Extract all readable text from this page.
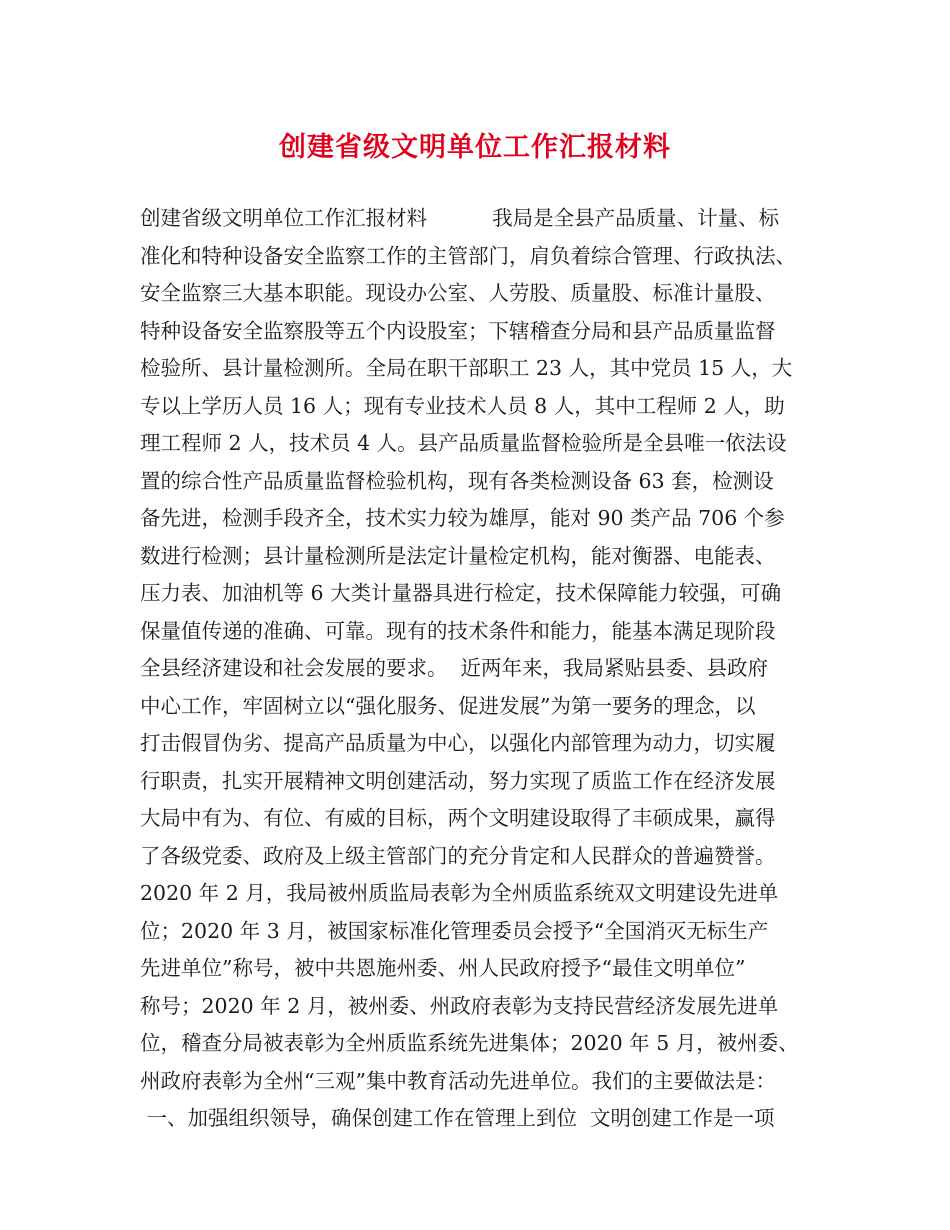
创建省级文明单位工作汇报材料
创建省级文明单位工作汇报材料          我局是全县产品质量、计量、标
准化和特种设备安全监察工作的主管部门，肩负着综合管理、行政执法、
安全监察三大基本职能。现设办公室、人劳股、质量股、标准计量股、
特种设备安全监察股等五个内设股室；下辖稽查分局和县产品质量监督
检验所、县计量检测所。全局在职干部职工 23 人，其中党员 15 人，大
专以上学历人员 16 人；现有专业技术人员 8 人，其中工程师 2 人，助
理工程师 2 人，技术员 4 人。县产品质量监督检验所是全县唯一依法设
置的综合性产品质量监督检验机构，现有各类检测设备 63 套，检测设
备先进，检测手段齐全，技术实力较为雄厚，能对 90 类产品 706 个参
数进行检测；县计量检测所是法定计量检定机构，能对衡器、电能表、
压力表、加油机等 6 大类计量器具进行检定，技术保障能力较强，可确
保量值传递的准确、可靠。现有的技术条件和能力，能基本满足现阶段
全县经济建设和社会发展的要求。  近两年来，我局紧贴县委、县政府
中心工作，牢固树立以“强化服务、促进发展”为第一要务的理念，以
打击假冒伪劣、提高产品质量为中心，以强化内部管理为动力，切实履
行职责，扎实开展精神文明创建活动，努力实现了质监工作在经济发展
大局中有为、有位、有威的目标，两个文明建设取得了丰硕成果，赢得
了各级党委、政府及上级主管部门的充分肯定和人民群众的普遍赞誉。
2020 年 2 月，我局被州质监局表彰为全州质监系统双文明建设先进单
位；2020 年 3 月，被国家标准化管理委员会授予“全国消灭无标生产
先进单位”称号，被中共恩施州委、州人民政府授予“最佳文明单位”
称号；2020 年 2 月，被州委、州政府表彰为支持民营经济发展先进单
位，稽查分局被表彰为全州质监系统先进集体；2020 年 5 月，被州委、
州政府表彰为全州“三观”集中教育活动先进单位。我们的主要做法是：
一、加强组织领导，确保创建工作在管理上到位  文明创建工作是一项
